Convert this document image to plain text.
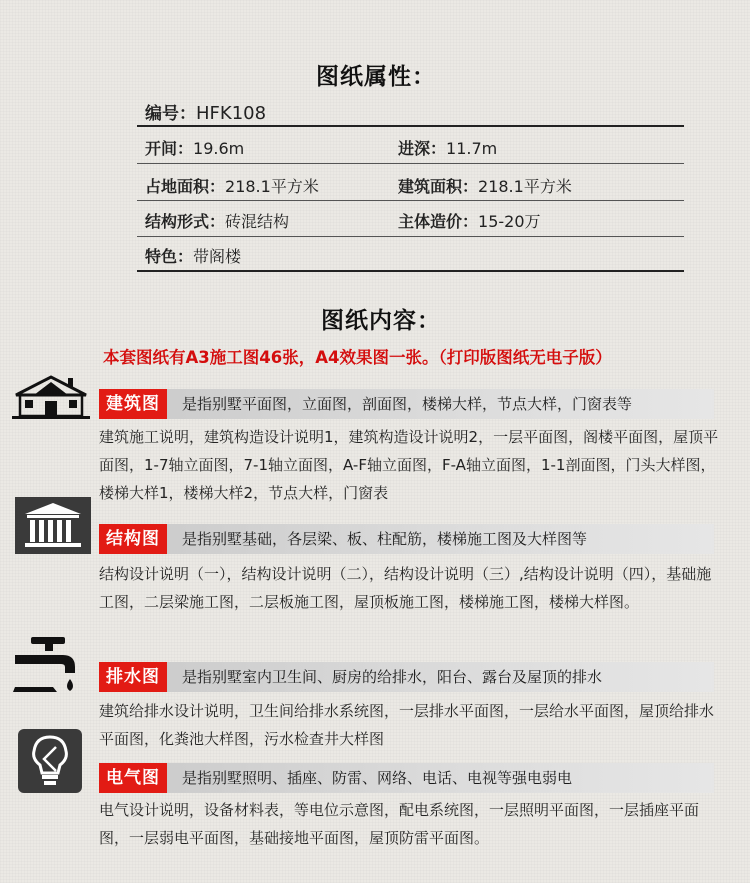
图纸属性：
编号：HFK108
开间：19.6m	进深：11.7m
占地面积：218.1平方米	建筑面积：218.1平方米
结构形式：砖混结构	主体造价：15-20万
特色：带阁楼
图纸内容：
本套图纸有A3施工图46张，A4效果图一张。（打印版图纸无电子版）
建筑图	是指别墅平面图，立面图，剖面图，楼梯大样，节点大样，门窗表等
建筑施工说明，建筑构造设计说明1，建筑构造设计说明2，一层平面图，阁楼平面图，屋顶平面图，1-7轴立面图，7-1轴立面图，A-F轴立面图，F-A轴立面图，1-1剖面图，门头大样图，楼梯大样1，楼梯大样2，节点大样，门窗表
结构图	是指别墅基础，各层梁、板、柱配筋，楼梯施工图及大样图等
结构设计说明（一），结构设计说明（二），结构设计说明（三）,结构设计说明（四），基础施工图，二层梁施工图，二层板施工图，屋顶板施工图，楼梯施工图，楼梯大样图。
排水图	是指别墅室内卫生间、厨房的给排水，阳台、露台及屋顶的排水
建筑给排水设计说明，卫生间给排水系统图，一层排水平面图，一层给水平面图，屋顶给排水平面图，化粪池大样图，污水检查井大样图
电气图	是指别墅照明、插座、防雷、网络、电话、电视等强电弱电
电气设计说明，设备材料表，等电位示意图，配电系统图，一层照明平面图，一层插座平面图，一层弱电平面图，基础接地平面图，屋顶防雷平面图。
